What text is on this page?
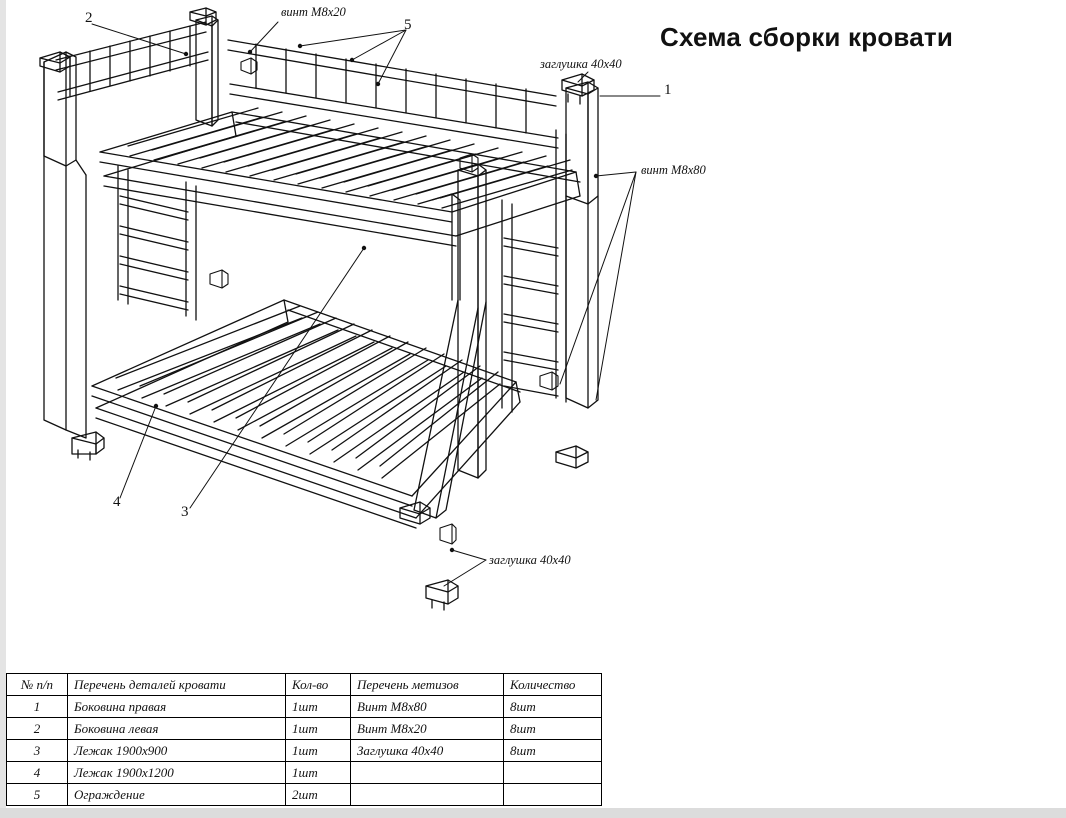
Схема сборки кровати
винт М8х20
заглушка 40х40
винт М8х80
заглушка 40х40
2	5
1
3
4
№ п/п	Перечень деталей кровати	Кол-во	Перечень метизов	Количество
1	Боковина правая	1шт	Винт М8х80	8шт
2	Боковина левая	1шт	Винт М8х20	8шт
3	Лежак 1900х900	1шт	Заглушка 40х40	8шт
4	Лежак 1900х1200	1шт		
5	Ограждение	2шт		
